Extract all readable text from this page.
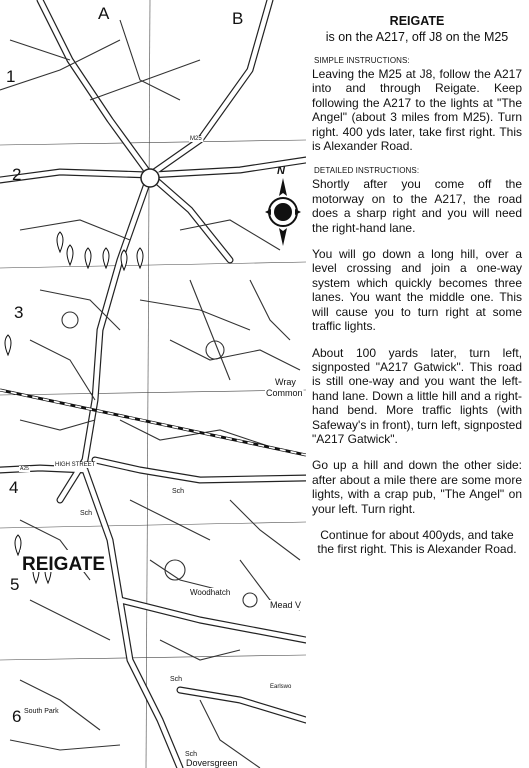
A	B
1
2
3
4
5
6
REIGATE
N
M25
A25
Wray
Common
HIGH STREET
Mead V
Woodhatch
Earlswo
South Park
Doversgreen
Sch
Sch
Sch
Sch

REIGATE

is on the A217, off J8 on the M25

SIMPLE INSTRUCTIONS:

Leaving the M25 at J8, follow the A217 into and through Reigate. Keep following the A217 to the lights at "The Angel" (about 3 miles from M25). Turn right. 400 yds later, take first right. This is Alexander Road.

DETAILED INSTRUCTIONS:

Shortly after you come off the motorway on to the A217, the road does a sharp right and you will need the right-hand lane.

You will go down a long hill, over a level crossing and join a one-way system which quickly becomes three lanes. You want the middle one. This will cause you to turn right at some traffic lights.

About 100 yards later, turn left, signposted "A217 Gatwick". This road is still one-way and you want the left-hand lane. Down a little hill and a right-hand bend. More traffic lights (with Safeway's in front), turn left, signposted "A217 Gatwick".

Go up a hill and down the other side: after about a mile there are some more lights, with a crap pub, "The Angel" on your left. Turn right.

Continue for about 400yds, and take the first right. This is Alexander Road.
